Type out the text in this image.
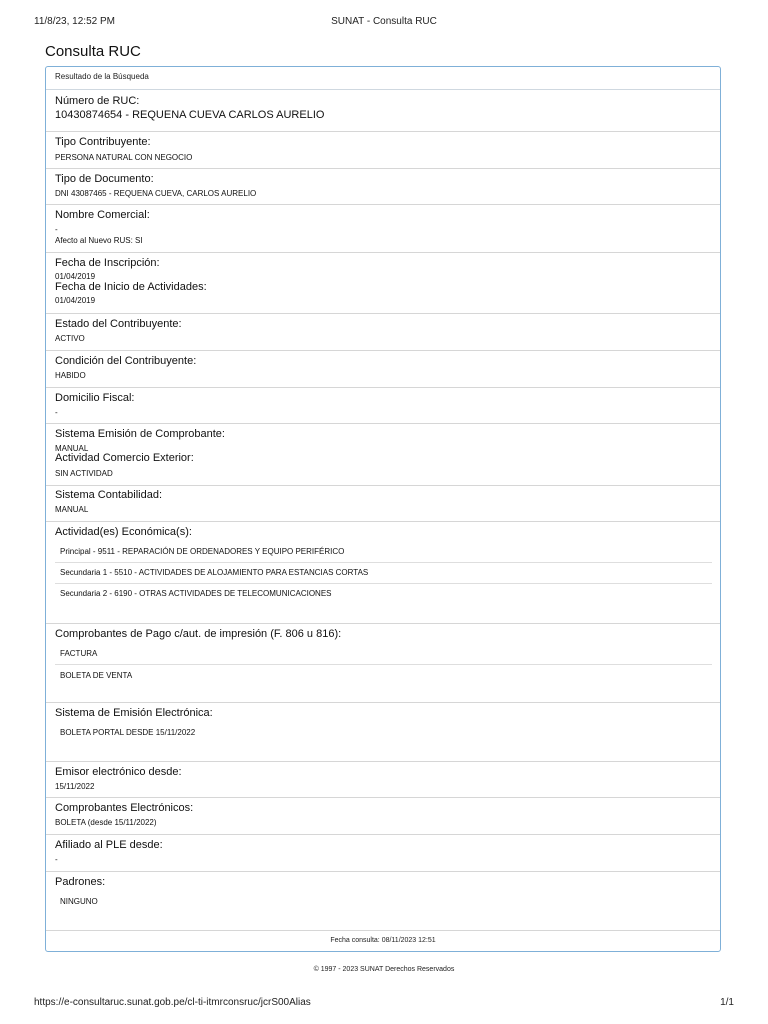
11/8/23, 12:52 PM	SUNAT - Consulta RUC
Consulta RUC
Resultado de la Búsqueda
Número de RUC:
10430874654 - REQUENA CUEVA CARLOS AURELIO
Tipo Contribuyente:
PERSONA NATURAL CON NEGOCIO
Tipo de Documento:
DNI 43087465 - REQUENA CUEVA, CARLOS AURELIO
Nombre Comercial:
-
Afecto al Nuevo RUS: SI
Fecha de Inscripción:
01/04/2019
Fecha de Inicio de Actividades:
01/04/2019
Estado del Contribuyente:
ACTIVO
Condición del Contribuyente:
HABIDO
Domicilio Fiscal:
-
Sistema Emisión de Comprobante:
MANUAL
Actividad Comercio Exterior:
SIN ACTIVIDAD
Sistema Contabilidad:
MANUAL
Actividad(es) Económica(s):
Principal - 9511 - REPARACIÓN DE ORDENADORES Y EQUIPO PERIFÉRICO
Secundaria 1 - 5510 - ACTIVIDADES DE ALOJAMIENTO PARA ESTANCIAS CORTAS
Secundaria 2 - 6190 - OTRAS ACTIVIDADES DE TELECOMUNICACIONES
Comprobantes de Pago c/aut. de impresión (F. 806 u 816):
FACTURA
BOLETA DE VENTA
Sistema de Emisión Electrónica:
BOLETA PORTAL DESDE 15/11/2022
Emisor electrónico desde:
15/11/2022
Comprobantes Electrónicos:
BOLETA (desde 15/11/2022)
Afiliado al PLE desde:
-
Padrones:
NINGUNO
Fecha consulta: 08/11/2023 12:51
© 1997 - 2023 SUNAT Derechos Reservados
https://e-consultaruc.sunat.gob.pe/cl-ti-itmrconsruc/jcrS00Alias	1/1
